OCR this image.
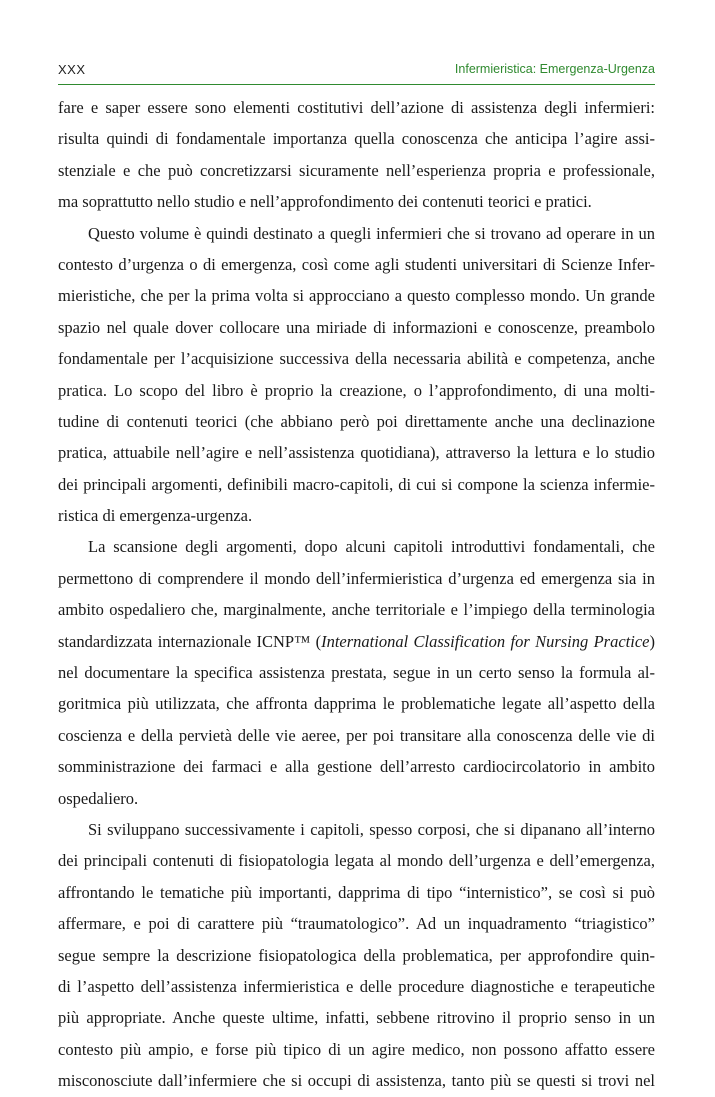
XXX	Infermieristica: Emergenza-Urgenza
fare e saper essere sono elementi costitutivi dell’azione di assistenza degli infermieri:
risulta quindi di fondamentale importanza quella conoscenza che anticipa l’agire assi-
stenziale e che può concretizzarsi sicuramente nell’esperienza propria e professionale,
ma soprattutto nello studio e nell’approfondimento dei contenuti teorici e pratici.
Questo volume è quindi destinato a quegli infermieri che si trovano ad operare in un
contesto d’urgenza o di emergenza, così come agli studenti universitari di Scienze Infer-
mieristiche, che per la prima volta si approcciano a questo complesso mondo. Un grande
spazio nel quale dover collocare una miriade di informazioni e conoscenze, preambolo
fondamentale per l’acquisizione successiva della necessaria abilità e competenza, anche
pratica. Lo scopo del libro è proprio la creazione, o l’approfondimento, di una molti-
tudine di contenuti teorici (che abbiano però poi direttamente anche una declinazione
pratica, attuabile nell’agire e nell’assistenza quotidiana), attraverso la lettura e lo studio
dei principali argomenti, definibili macro-capitoli, di cui si compone la scienza infermie-
ristica di emergenza-urgenza.
La scansione degli argomenti, dopo alcuni capitoli introduttivi fondamentali, che
permettono di comprendere il mondo dell’infermieristica d’urgenza ed emergenza sia in
ambito ospedaliero che, marginalmente, anche territoriale e l’impiego della terminologia
standardizzata internazionale ICNP™ (International Classification for Nursing Practice)
nel documentare la specifica assistenza prestata, segue in un certo senso la formula al-
goritmica più utilizzata, che affronta dapprima le problematiche legate all’aspetto della
coscienza e della pervietà delle vie aeree, per poi transitare alla conoscenza delle vie di
somministrazione dei farmaci e alla gestione dell’arresto cardiocircolatorio in ambito
ospedaliero.
Si sviluppano successivamente i capitoli, spesso corposi, che si dipanano all’interno
dei principali contenuti di fisiopatologia legata al mondo dell’urgenza e dell’emergenza,
affrontando le tematiche più importanti, dapprima di tipo “internistico”, se così si può
affermare, e poi di carattere più “traumatologico”. Ad un inquadramento “triagistico”
segue sempre la descrizione fisiopatologica della problematica, per approfondire quin-
di l’aspetto dell’assistenza infermieristica e delle procedure diagnostiche e terapeutiche
più appropriate. Anche queste ultime, infatti, sebbene ritrovino il proprio senso in un
contesto più ampio, e forse più tipico di un agire medico, non possono affatto essere
misconosciute dall’infermiere che si occupi di assistenza, tanto più se questi si trovi nel
